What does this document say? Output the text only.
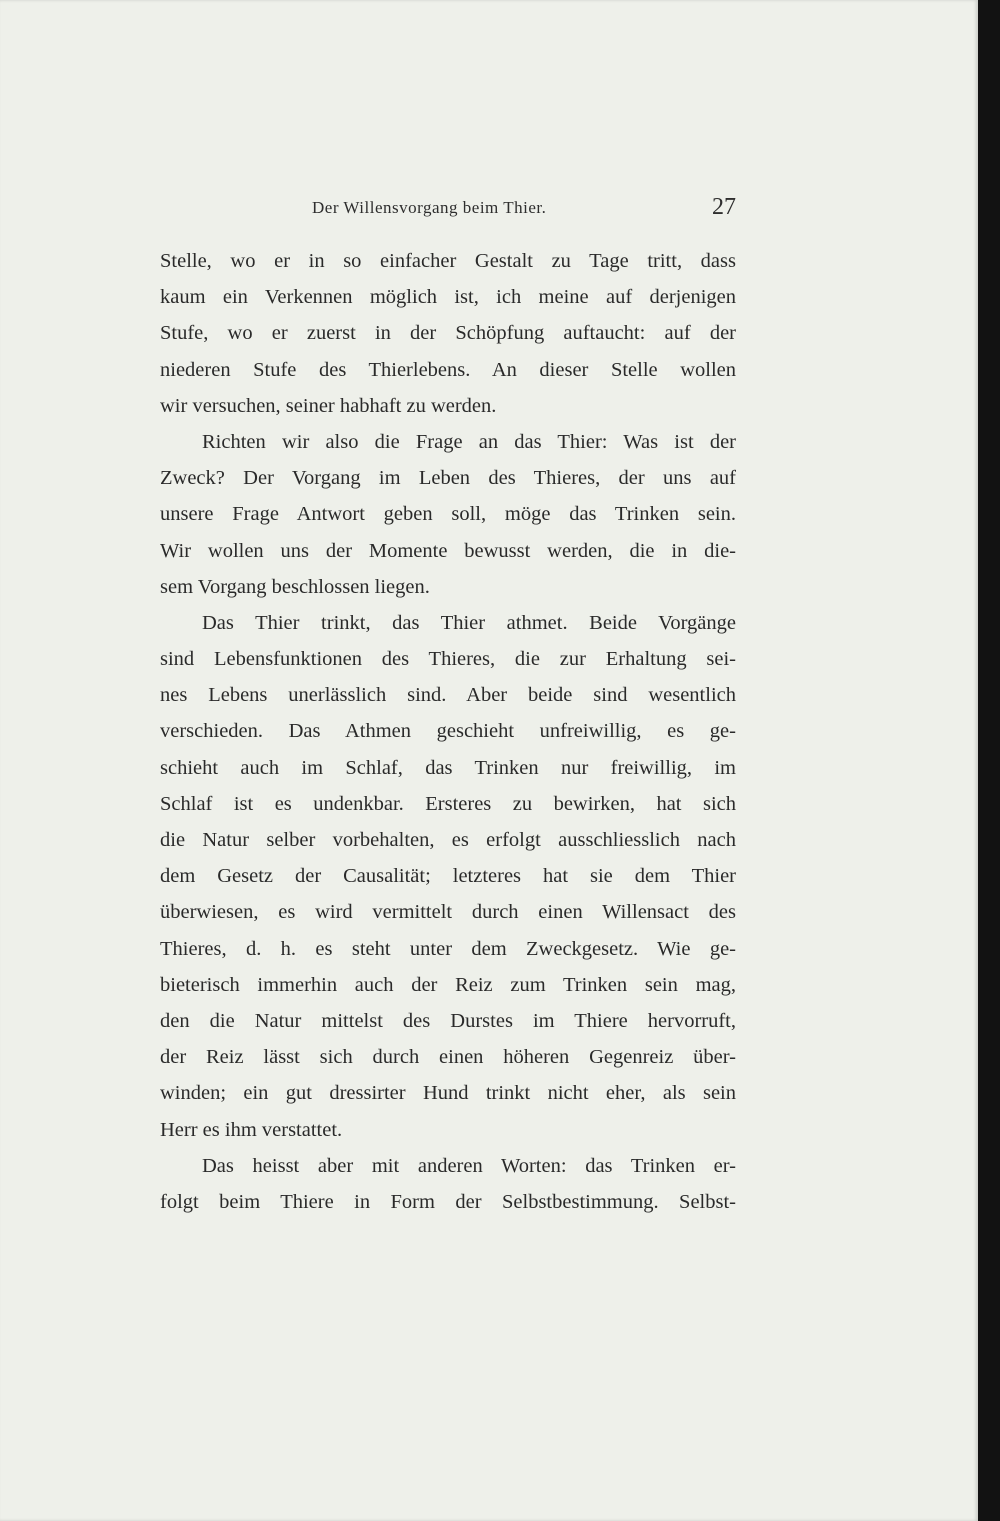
Der Willensvorgang beim Thier.	27
Stelle, wo er in so einfacher Gestalt zu Tage tritt, dass
kaum ein Verkennen möglich ist, ich meine auf derjenigen
Stufe, wo er zuerst in der Schöpfung auftaucht: auf der
niederen Stufe des Thierlebens. An dieser Stelle wollen
wir versuchen, seiner habhaft zu werden.
Richten wir also die Frage an das Thier: Was ist der
Zweck? Der Vorgang im Leben des Thieres, der uns auf
unsere Frage Antwort geben soll, möge das Trinken sein.
Wir wollen uns der Momente bewusst werden, die in die-
sem Vorgang beschlossen liegen.
Das Thier trinkt, das Thier athmet. Beide Vorgänge
sind Lebensfunktionen des Thieres, die zur Erhaltung sei-
nes Lebens unerlässlich sind. Aber beide sind wesentlich
verschieden. Das Athmen geschieht unfreiwillig, es ge-
schieht auch im Schlaf, das Trinken nur freiwillig, im
Schlaf ist es undenkbar. Ersteres zu bewirken, hat sich
die Natur selber vorbehalten, es erfolgt ausschliesslich nach
dem Gesetz der Causalität; letzteres hat sie dem Thier
überwiesen, es wird vermittelt durch einen Willensact des
Thieres, d. h. es steht unter dem Zweckgesetz. Wie ge-
bieterisch immerhin auch der Reiz zum Trinken sein mag,
den die Natur mittelst des Durstes im Thiere hervorruft,
der Reiz lässt sich durch einen höheren Gegenreiz über-
winden; ein gut dressirter Hund trinkt nicht eher, als sein
Herr es ihm verstattet.
Das heisst aber mit anderen Worten: das Trinken er-
folgt beim Thiere in Form der Selbstbestimmung. Selbst-
